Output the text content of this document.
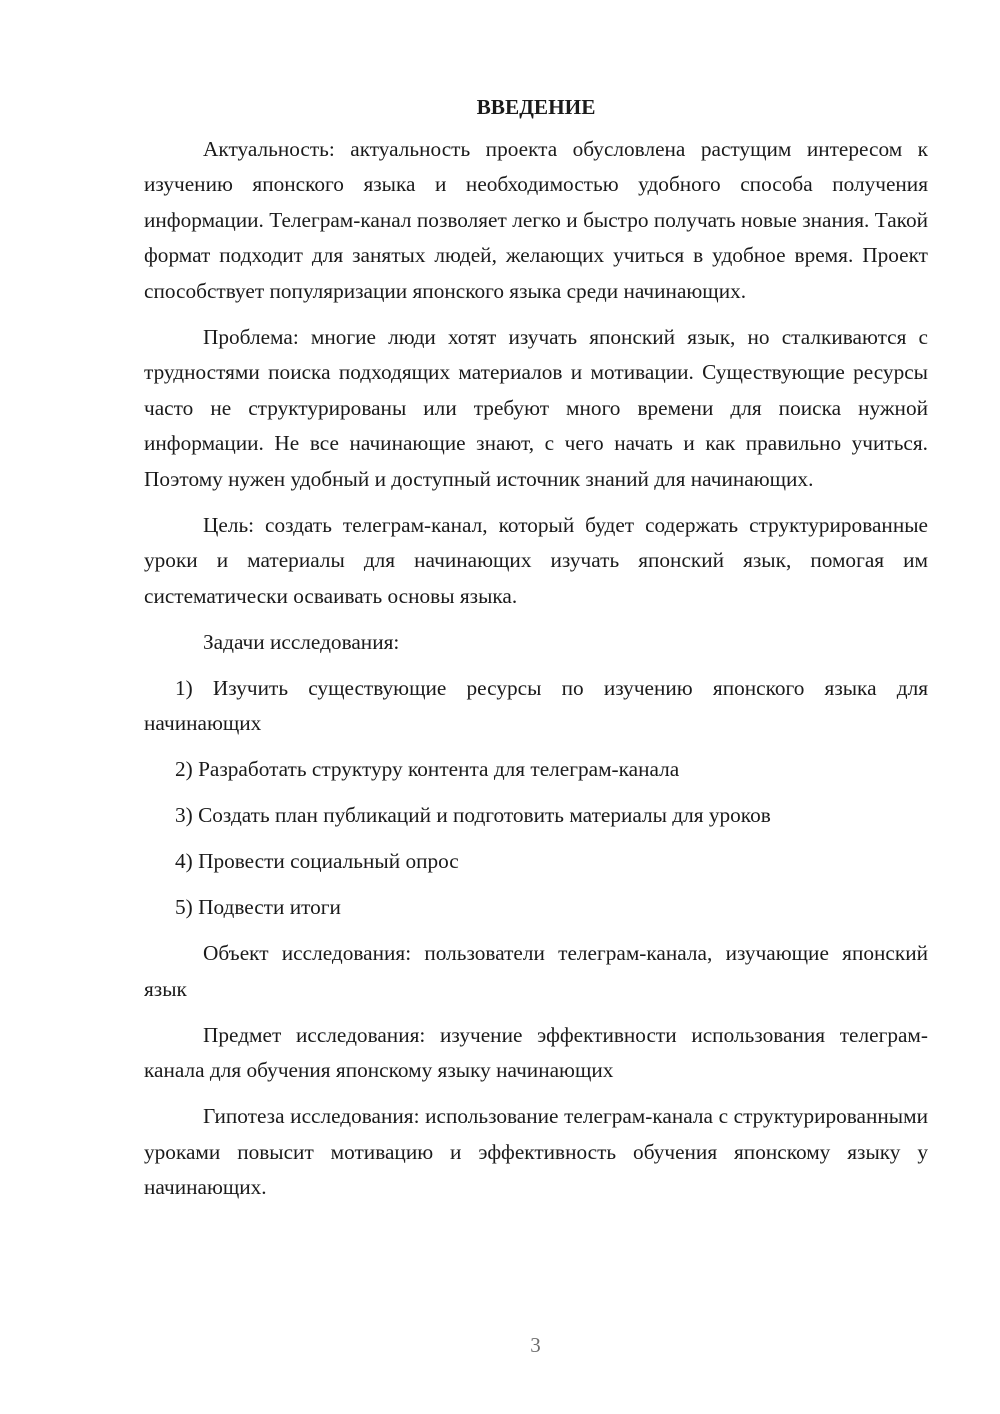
ВВЕДЕНИЕ

Актуальность: актуальность проекта обусловлена растущим интересом к изучению японского языка и необходимостью удобного способа получения информации. Телеграм-канал позволяет легко и быстро получать новые знания. Такой формат подходит для занятых людей, желающих учиться в удобное время. Проект способствует популяризации японского языка среди начинающих.

Проблема: многие люди хотят изучать японский язык, но сталкиваются с трудностями поиска подходящих материалов и мотивации. Существующие ресурсы часто не структурированы или требуют много времени для поиска нужной информации. Не все начинающие знают, с чего начать и как правильно учиться. Поэтому нужен удобный и доступный источник знаний для начинающих.

Цель: создать телеграм-канал, который будет содержать структурированные уроки и материалы для начинающих изучать японский язык, помогая им систематически осваивать основы языка.

Задачи исследования:

1) Изучить существующие ресурсы по изучению японского языка для начинающих
2) Разработать структуру контента для телеграм-канала
3) Создать план публикаций и подготовить материалы для уроков
4) Провести социальный опрос
5) Подвести итоги

Объект исследования: пользователи телеграм-канала, изучающие японский язык

Предмет исследования: изучение эффективности использования телеграм-канала для обучения японскому языку начинающих

Гипотеза исследования: использование телеграм-канала с структурированными уроками повысит мотивацию и эффективность обучения японскому языку у начинающих.

3
